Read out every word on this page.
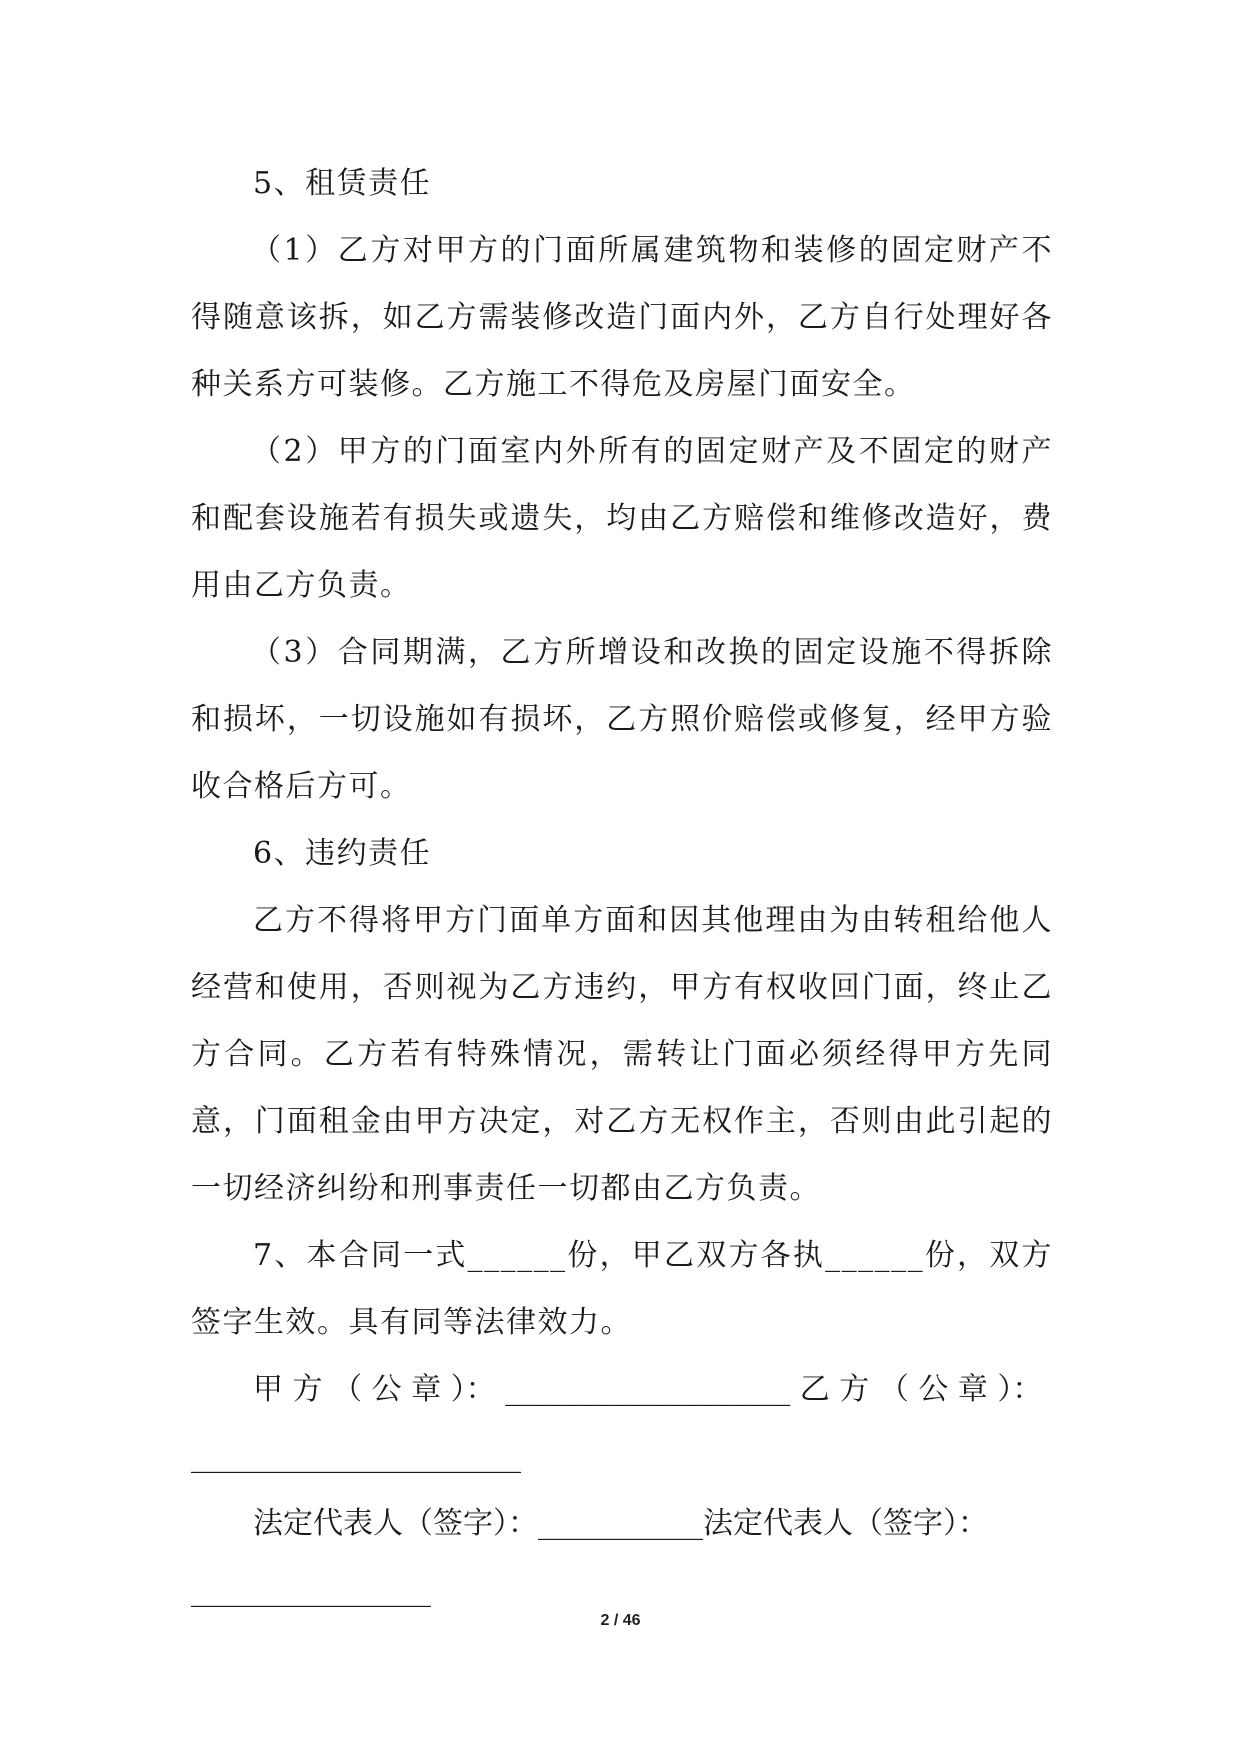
5、租赁责任

（1）乙方对甲方的门面所属建筑物和装修的固定财产不得随意该拆，如乙方需装修改造门面内外，乙方自行处理好各种关系方可装修。乙方施工不得危及房屋门面安全。

（2）甲方的门面室内外所有的固定财产及不固定的财产和配套设施若有损失或遗失，均由乙方赔偿和维修改造好，费用由乙方负责。

（3）合同期满，乙方所增设和改换的固定设施不得拆除和损坏，一切设施如有损坏，乙方照价赔偿或修复，经甲方验收合格后方可。

6、违约责任

乙方不得将甲方门面单方面和因其他理由为由转租给他人经营和使用，否则视为乙方违约，甲方有权收回门面，终止乙方合同。乙方若有特殊情况，需转让门面必须经得甲方先同意，门面租金由甲方决定，对乙方无权作主，否则由此引起的一切经济纠纷和刑事责任一切都由乙方负责。

7、本合同一式______份，甲乙双方各执______份，双方签字生效。具有同等法律效力。

甲 方 （ 公 章 ）： ___________________ 乙 方 （ 公 章 ）：

______________________

法定代表人（签字）：___________法定代表人（签字）：

________________

2 / 46
